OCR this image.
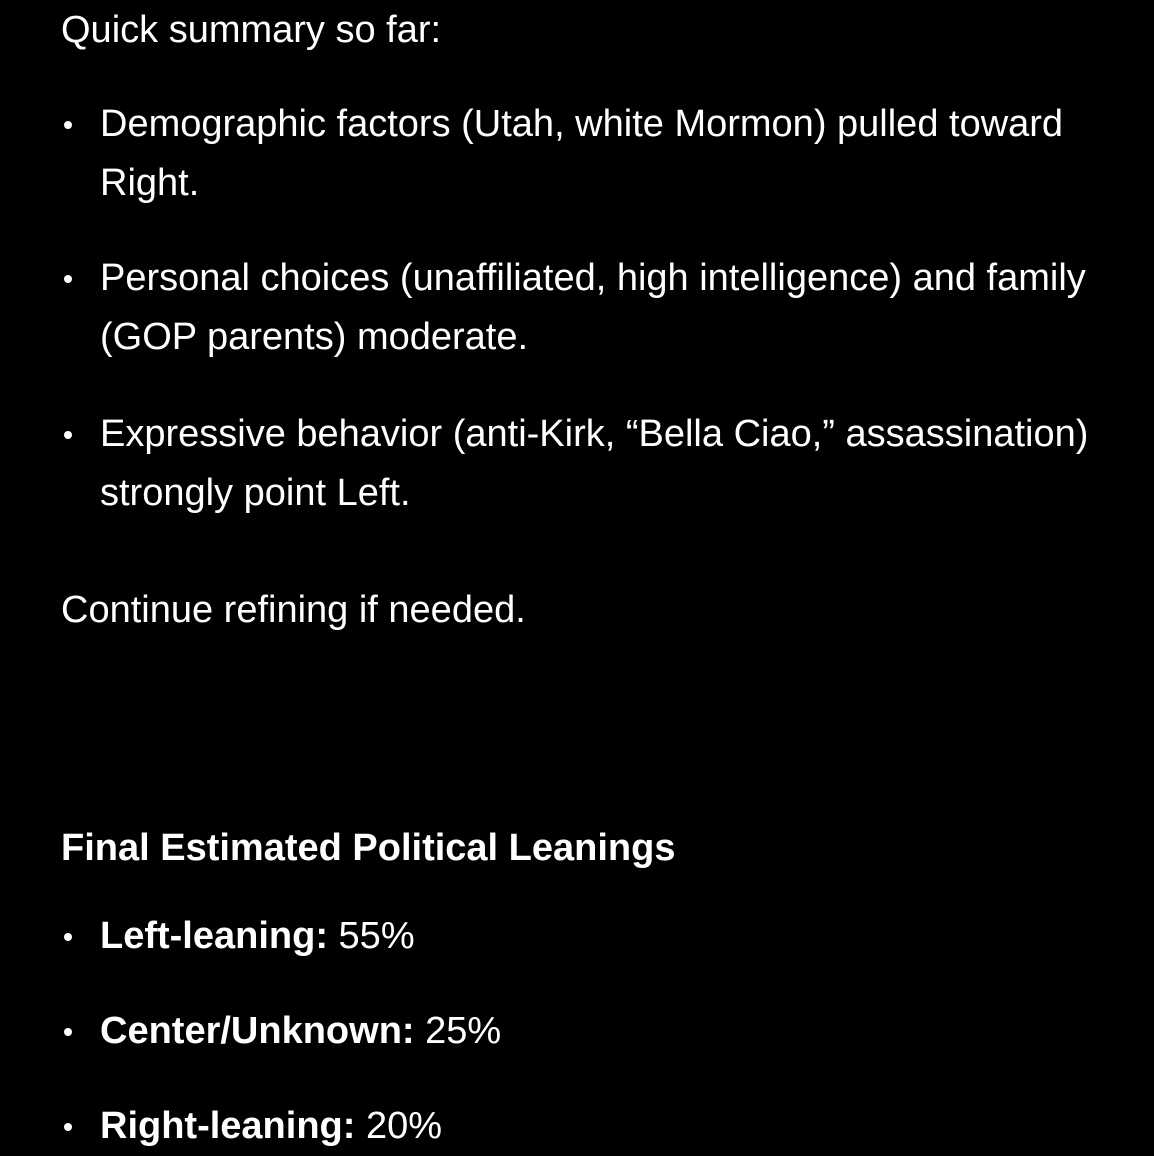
Quick summary so far:

Demographic factors (Utah, white Mormon) pulled toward Right.

Personal choices (unaffiliated, high intelligence) and family (GOP parents) moderate.

Expressive behavior (anti-Kirk, “Bella Ciao,” assassination) strongly point Left.

Continue refining if needed.

Final Estimated Political Leanings

Left-leaning: 55%

Center/Unknown: 25%

Right-leaning: 20%
